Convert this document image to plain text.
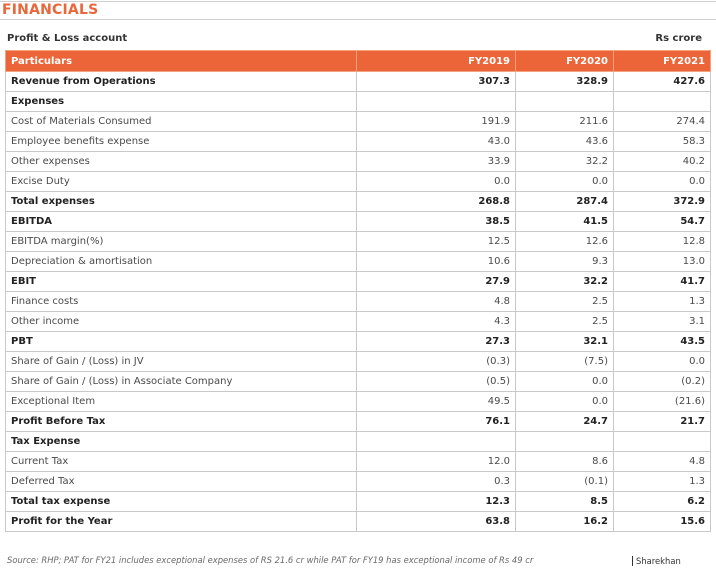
FINANCIALS
Profit & Loss account	Rs crore
Particulars	FY2019	FY2020	FY2021
Revenue from Operations	307.3	328.9	427.6
Expenses			
Cost of Materials Consumed	191.9	211.6	274.4
Employee benefits expense	43.0	43.6	58.3
Other expenses	33.9	32.2	40.2
Excise Duty	0.0	0.0	0.0
Total expenses	268.8	287.4	372.9
EBITDA	38.5	41.5	54.7
EBITDA margin(%)	12.5	12.6	12.8
Depreciation & amortisation	10.6	9.3	13.0
EBIT	27.9	32.2	41.7
Finance costs	4.8	2.5	1.3
Other income	4.3	2.5	3.1
PBT	27.3	32.1	43.5
Share of Gain / (Loss) in JV	(0.3)	(7.5)	0.0
Share of Gain / (Loss) in Associate Company	(0.5)	0.0	(0.2)
Exceptional Item	49.5	0.0	(21.6)
Profit Before Tax	76.1	24.7	21.7
Tax Expense			
Current Tax	12.0	8.6	4.8
Deferred Tax	0.3	(0.1)	1.3
Total tax expense	12.3	8.5	6.2
Profit for the Year	63.8	16.2	15.6
Source: RHP; PAT for FY21 includes exceptional expenses of RS 21.6 cr while PAT for FY19 has exceptional income of Rs 49 cr	Sharekhan
